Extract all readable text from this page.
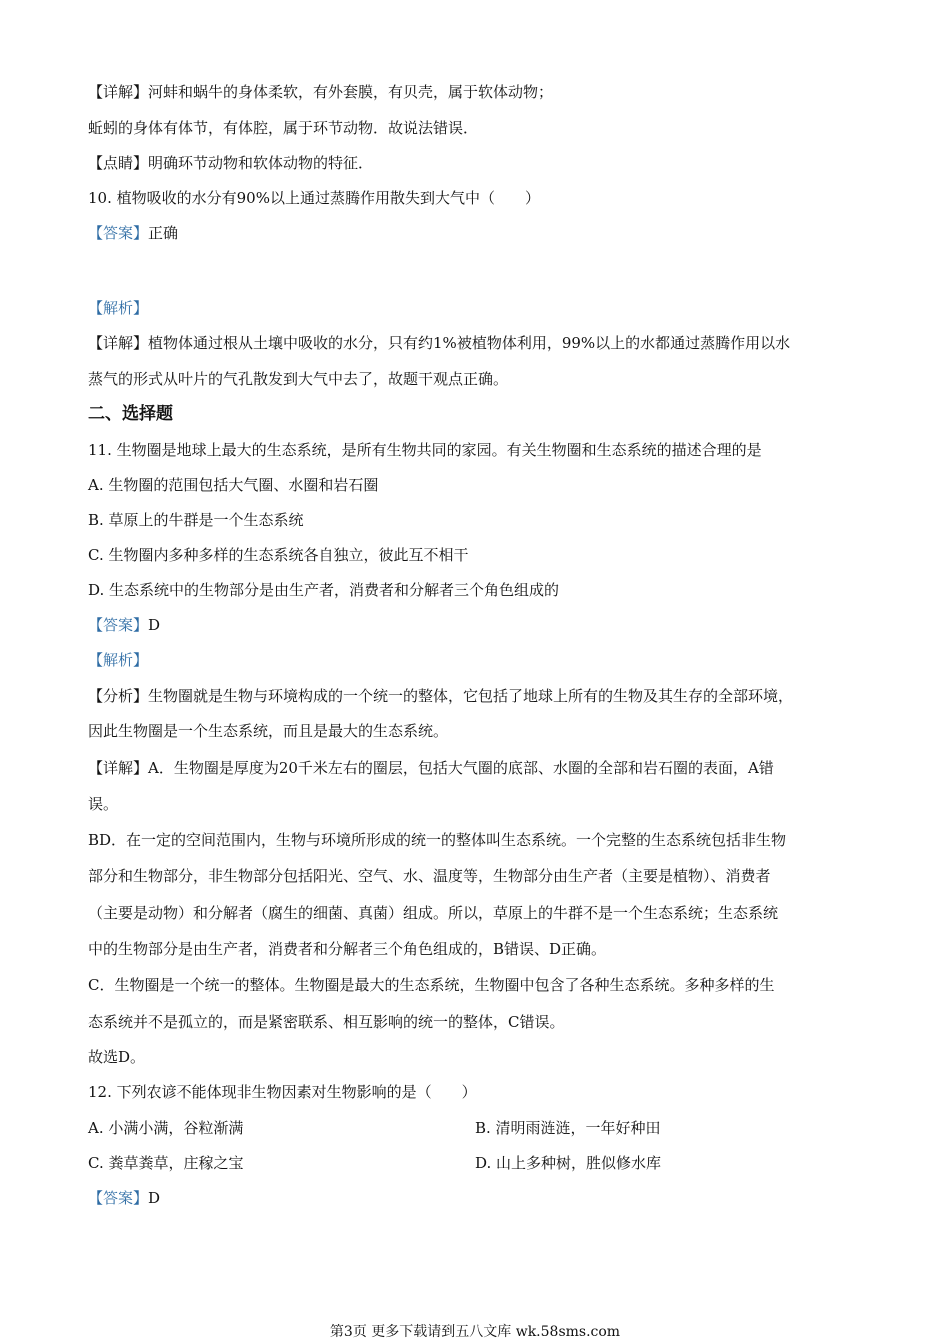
【详解】河蚌和蜗牛的身体柔软，有外套膜，有贝壳，属于软体动物；
蚯蚓的身体有体节，有体腔，属于环节动物．故说法错误．
【点睛】明确环节动物和软体动物的特征．
10. 植物吸收的水分有90%以上通过蒸腾作用散失到大气中（　　）
【答案】正确
【解析】
【详解】植物体通过根从土壤中吸收的水分，只有约1%被植物体利用，99%以上的水都通过蒸腾作用以水
蒸气的形式从叶片的气孔散发到大气中去了，故题干观点正确。
二、选择题
11. 生物圈是地球上最大的生态系统，是所有生物共同的家园。有关生物圈和生态系统的描述合理的是
A. 生物圈的范围包括大气圈、水圈和岩石圈
B. 草原上的牛群是一个生态系统
C. 生物圈内多种多样的生态系统各自独立，彼此互不相干
D. 生态系统中的生物部分是由生产者，消费者和分解者三个角色组成的
【答案】D
【解析】
【分析】生物圈就是生物与环境构成的一个统一的整体，它包括了地球上所有的生物及其生存的全部环境，
因此生物圈是一个生态系统，而且是最大的生态系统。
【详解】A．生物圈是厚度为20千米左右的圈层，包括大气圈的底部、水圈的全部和岩石圈的表面，A错
误。
BD．在一定的空间范围内，生物与环境所形成的统一的整体叫生态系统。一个完整的生态系统包括非生物
部分和生物部分，非生物部分包括阳光、空气、水、温度等，生物部分由生产者（主要是植物）、消费者
（主要是动物）和分解者（腐生的细菌、真菌）组成。所以，草原上的牛群不是一个生态系统；生态系统
中的生物部分是由生产者，消费者和分解者三个角色组成的，B错误、D正确。
C．生物圈是一个统一的整体。生物圈是最大的生态系统，生物圈中包含了各种生态系统。多种多样的生
态系统并不是孤立的，而是紧密联系、相互影响的统一的整体，C错误。
故选D。
12. 下列农谚不能体现非生物因素对生物影响的是（　　）
A. 小满小满，谷粒渐满	B. 清明雨涟涟，一年好种田
C. 粪草粪草，庄稼之宝	D. 山上多种树，胜似修水库
【答案】D
第3页 更多下载请到五八文库 wk.58sms.com
